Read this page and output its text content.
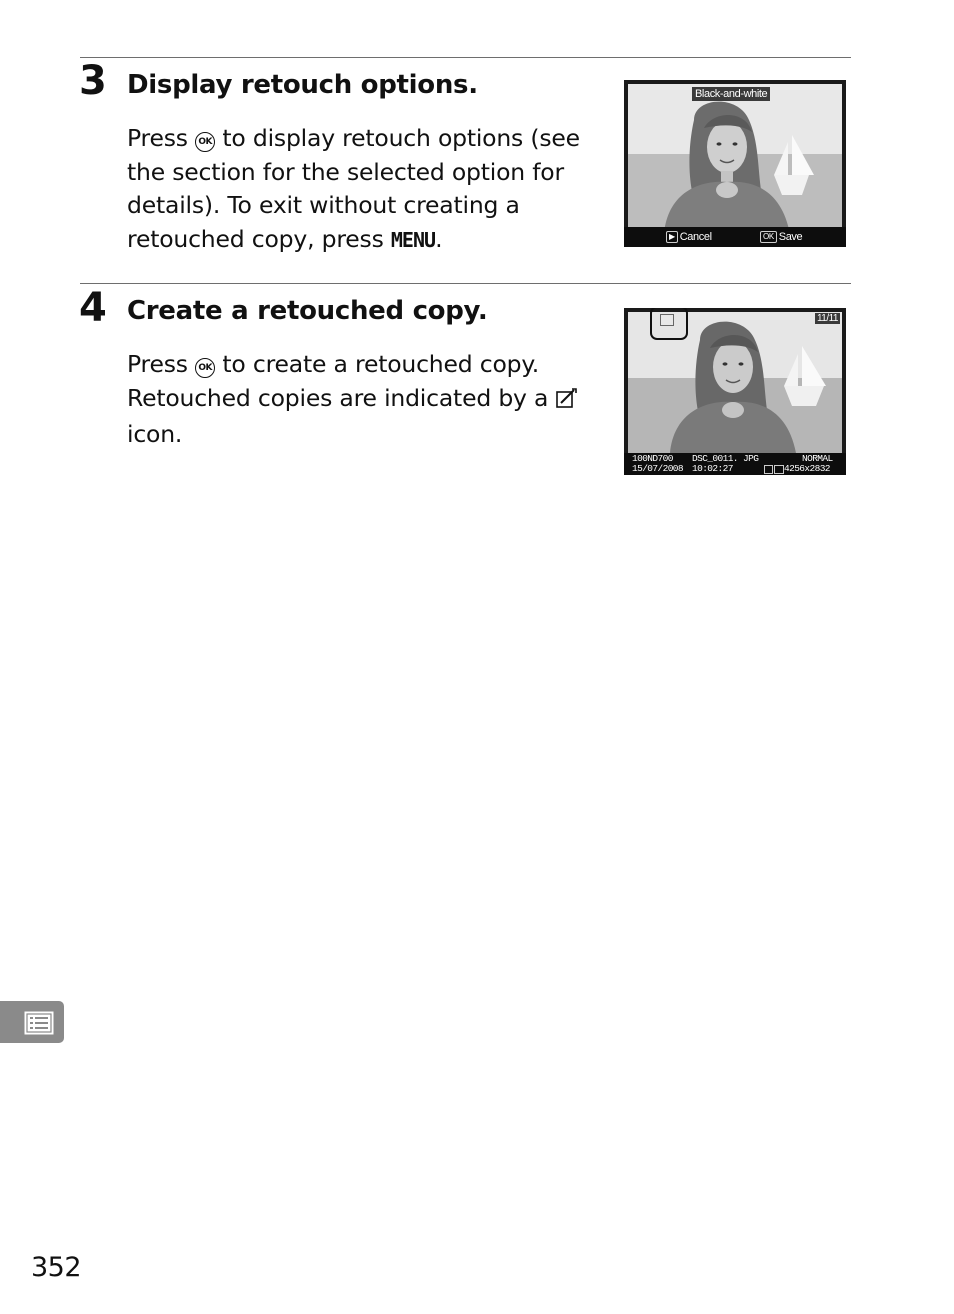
3 Display retouch options.
Press OK to display retouch options (see the section for the selected option for details). To exit without creating a retouched copy, press MENU.
Black-and-white
▶ Cancel	OK Save
4 Create a retouched copy.
Press OK to create a retouched copy. Retouched copies are indicated by a  icon.
11/11
100ND700 DSC_0011. JPG	NORMAL
15/07/2008 10:02:27	4256x2832
352
